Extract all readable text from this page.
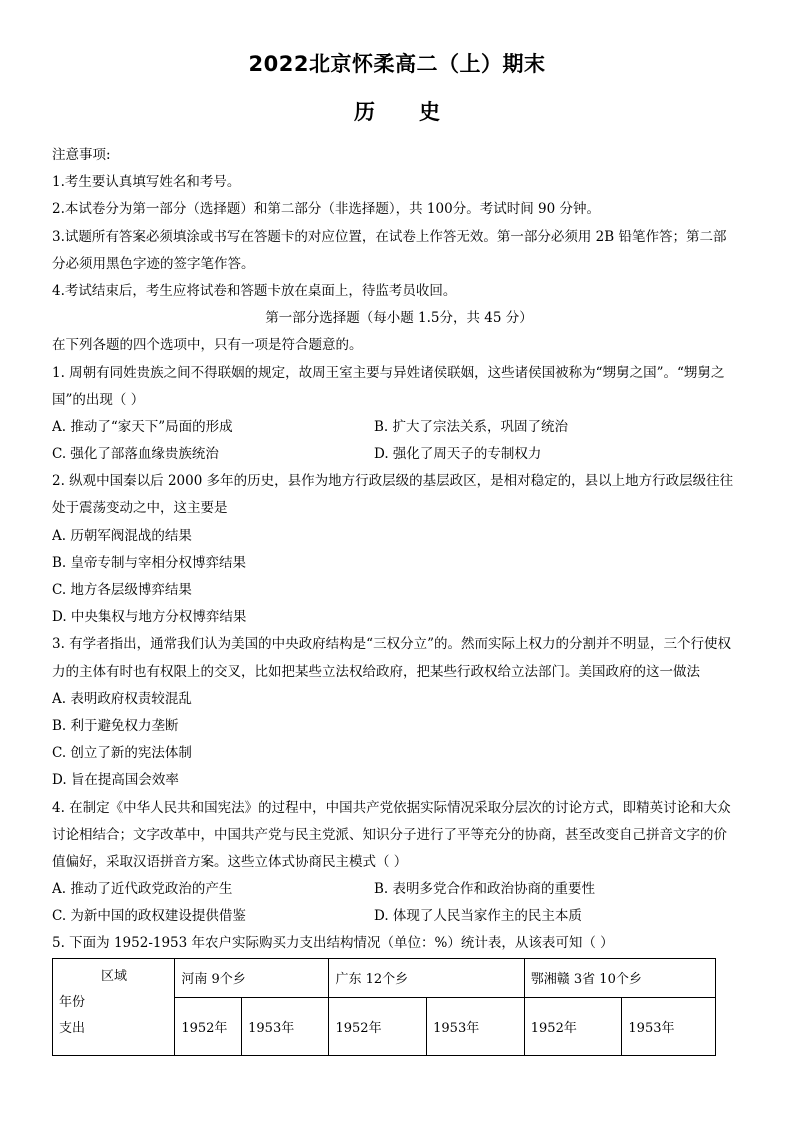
2022北京怀柔高二（上）期末
历 史
注意事项:
1.考生要认真填写姓名和考号。
2.本试卷分为第一部分（选择题）和第二部分（非选择题），共 100分。考试时间 90 分钟。
3.试题所有答案必须填涂或书写在答题卡的对应位置，在试卷上作答无效。第一部分必须用 2B 铅笔作答；第二部
分必须用黑色字迹的签字笔作答。
4.考试结束后，考生应将试卷和答题卡放在桌面上，待监考员收回。
第一部分选择题（每小题 1.5分，共 45 分）
在下列各题的四个选项中，只有一项是符合题意的。
1. 周朝有同姓贵族之间不得联姻的规定，故周王室主要与异姓诸侯联姻，这些诸侯国被称为“甥舅之国”。“甥舅之
国”的出现（ ）
A. 推动了“家天下”局面的形成	B. 扩大了宗法关系，巩固了统治
C. 强化了部落血缘贵族统治	D. 强化了周天子的专制权力
2. 纵观中国秦以后 2000 多年的历史，县作为地方行政层级的基层政区，是相对稳定的，县以上地方行政层级往往
处于震荡变动之中，这主要是
A. 历朝军阀混战的结果
B. 皇帝专制与宰相分权博弈结果
C. 地方各层级博弈结果
D. 中央集权与地方分权博弈结果
3. 有学者指出，通常我们认为美国的中央政府结构是“三权分立”的。然而实际上权力的分割并不明显，三个行使权
力的主体有时也有权限上的交叉，比如把某些立法权给政府，把某些行政权给立法部门。美国政府的这一做法
A. 表明政府权责较混乱
B. 利于避免权力垄断
C. 创立了新的宪法体制
D. 旨在提高国会效率
4. 在制定《中华人民共和国宪法》的过程中，中国共产党依据实际情况采取分层次的讨论方式，即精英讨论和大众
讨论相结合；文字改革中，中国共产党与民主党派、知识分子进行了平等充分的协商，甚至改变自己拼音文字的价
值偏好，采取汉语拼音方案。这些立体式协商民主模式（ ）
A. 推动了近代政党政治的产生	B. 表明多党合作和政治协商的重要性
C. 为新中国的政权建设提供借鉴	D. 体现了人民当家作主的民主本质
5. 下面为 1952-1953 年农户实际购买力支出结构情况（单位：%）统计表，从该表可知（ ）
区域
年份
支出	河南 9个乡		广东 12个乡		鄂湘赣 3省 10个乡	
	1952年	1953年	1952年	1953年	1952年	1953年
